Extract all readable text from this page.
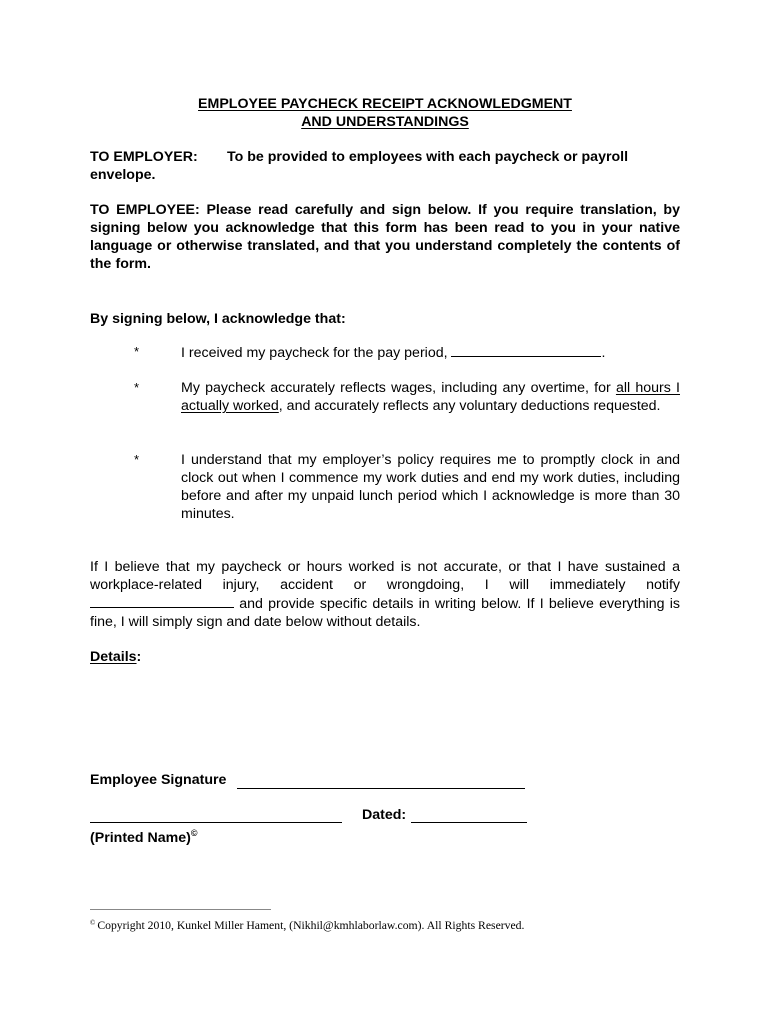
EMPLOYEE PAYCHECK RECEIPT ACKNOWLEDGMENT
AND UNDERSTANDINGS
TO EMPLOYER: To be provided to employees with each paycheck or payroll envelope.
TO EMPLOYEE: Please read carefully and sign below. If you require translation, by signing below you acknowledge that this form has been read to you in your native language or otherwise translated, and that you understand completely the contents of the form.
By signing below, I acknowledge that:
*	I received my paycheck for the pay period,	.
*	My paycheck accurately reflects wages, including any overtime, for all hours I actually worked, and accurately reflects any voluntary deductions requested.
*	I understand that my employer’s policy requires me to promptly clock in and clock out when I commence my work duties and end my work duties, including before and after my unpaid lunch period which I acknowledge is more than 30 minutes.
If I believe that my paycheck or hours worked is not accurate, or that I have sustained a workplace-related injury, accident or wrongdoing, I will immediately notify  and provide specific details in writing below. If I believe everything is fine, I will simply sign and date below without details.
Details:
Employee Signature
Dated:
(Printed Name)©
© Copyright 2010, Kunkel Miller Hament, (Nikhil@kmhlaborlaw.com). All Rights Reserved.
